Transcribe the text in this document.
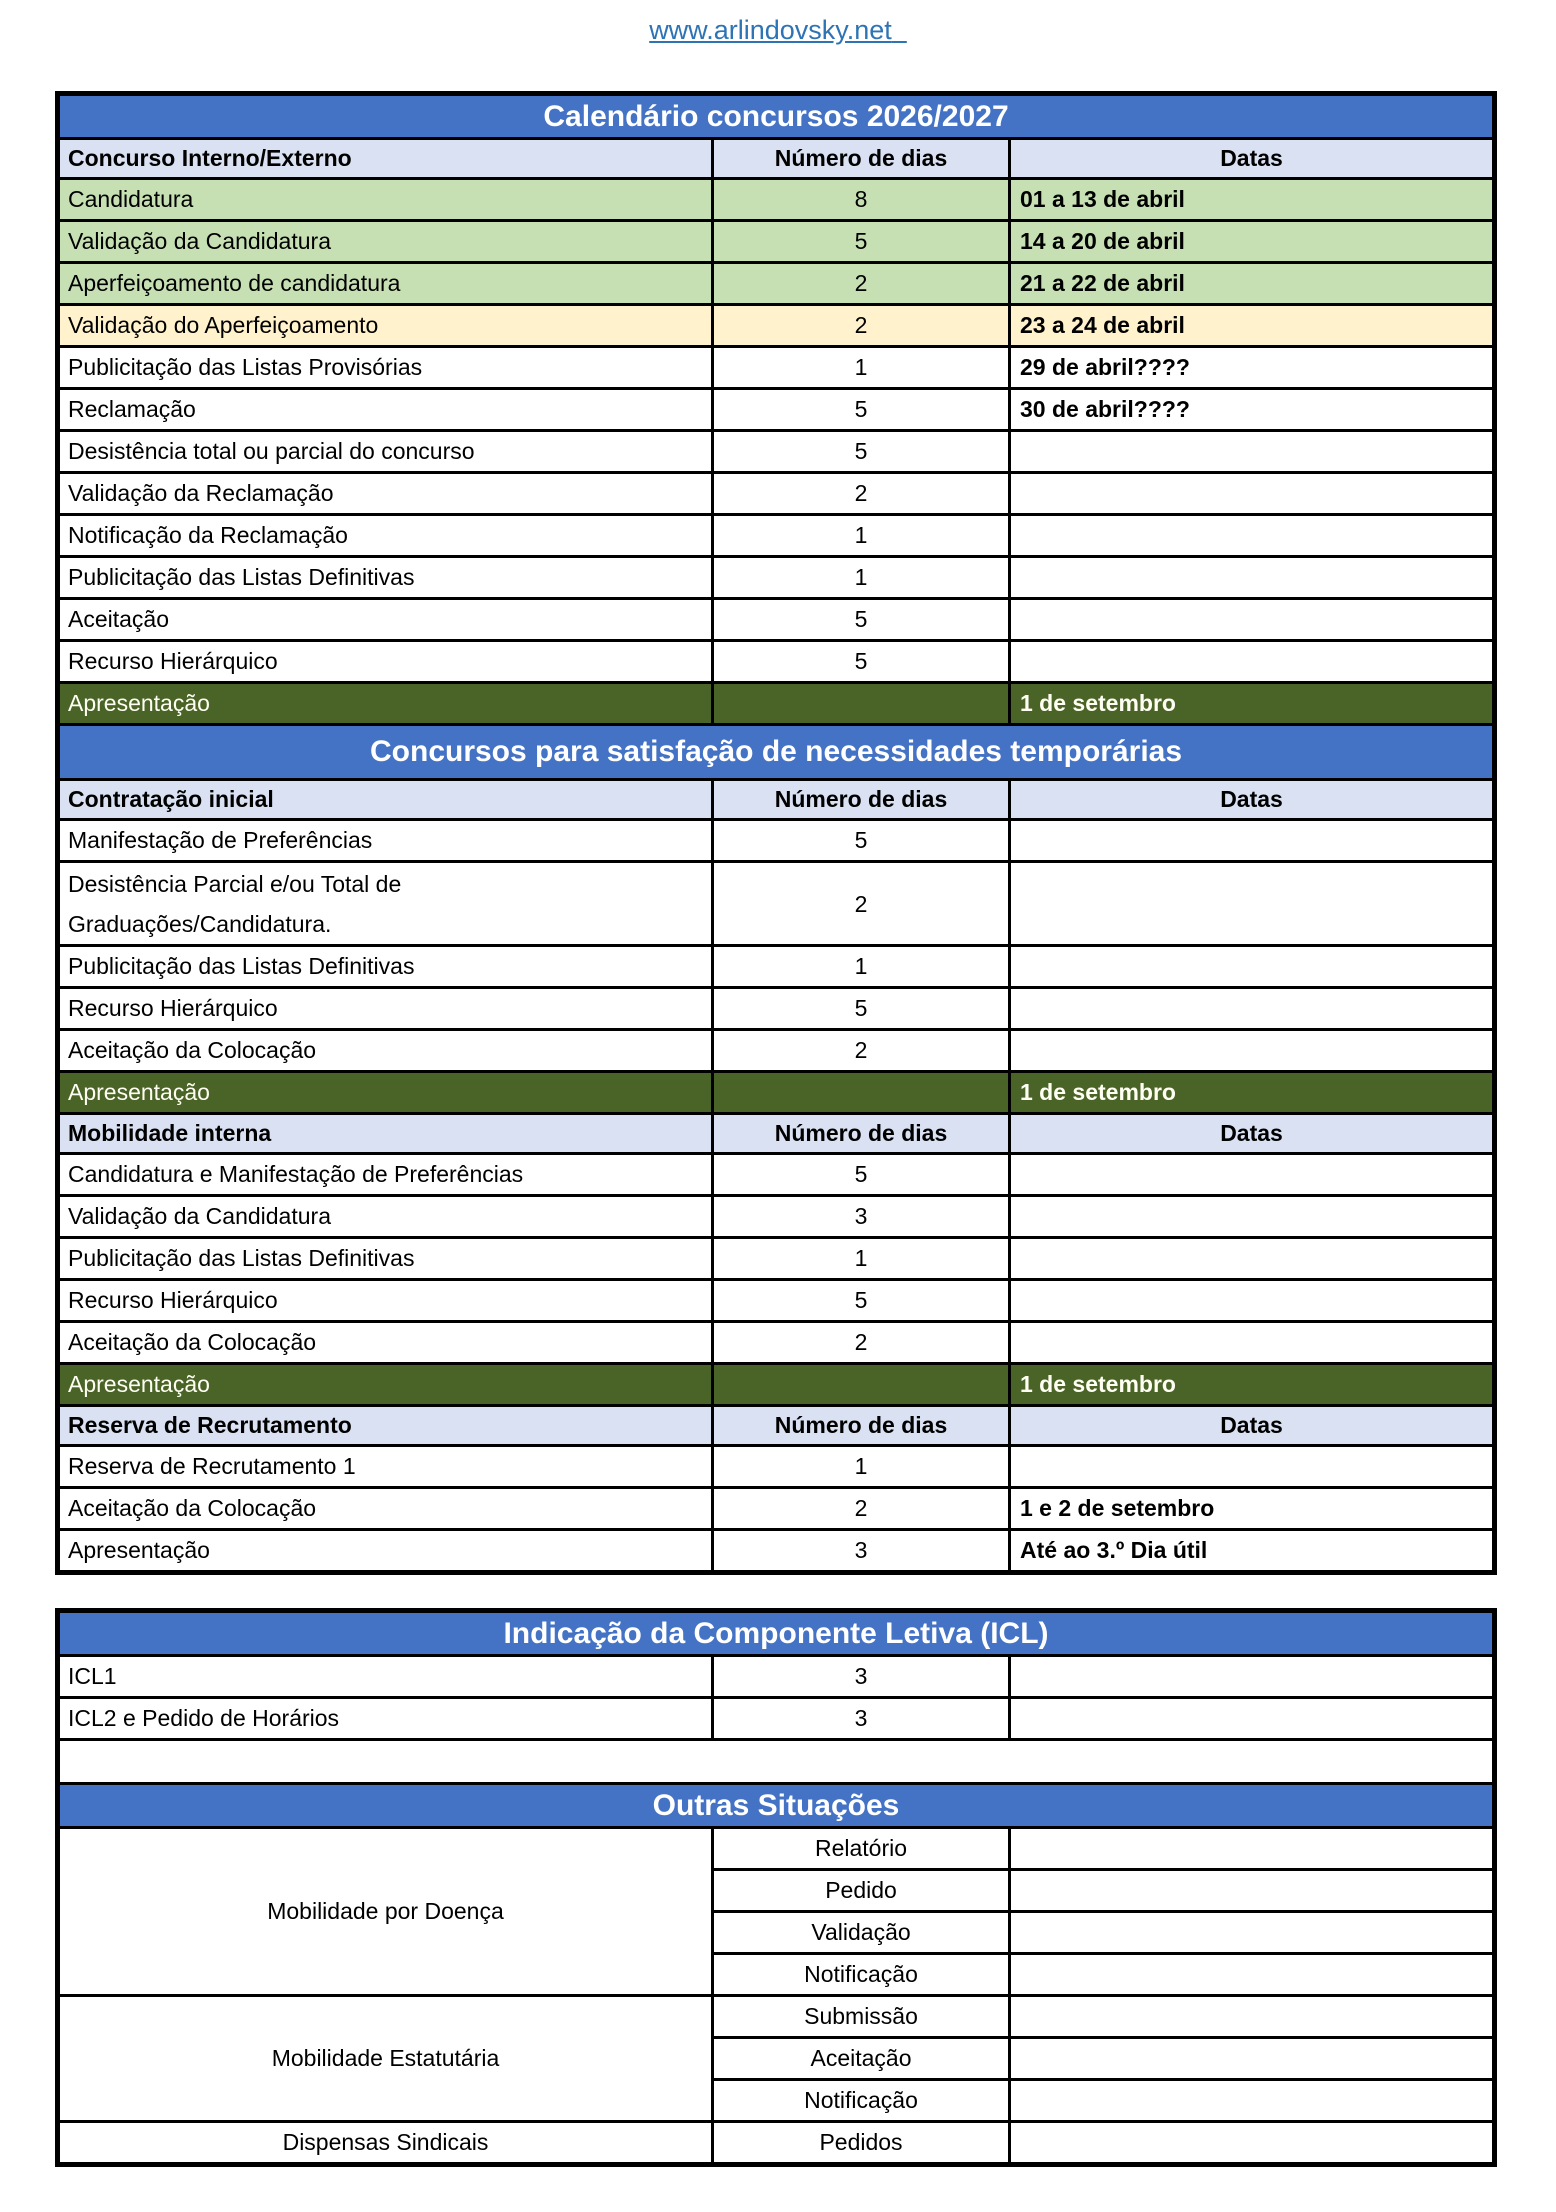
www.arlindovsky.net
Calendário concursos 2026/2027		
Concurso Interno/Externo	Número de dias	Datas
Candidatura	8	01 a 13 de abril
Validação da Candidatura	5	14 a 20 de abril
Aperfeiçoamento de candidatura	2	21 a 22 de abril
Validação do Aperfeiçoamento	2	23 a 24 de abril
Publicitação das Listas Provisórias	1	29 de abril????
Reclamação	5	30 de abril????
Desistência total ou parcial do concurso	5	
Validação da Reclamação	2	
Notificação da Reclamação	1	
Publicitação das Listas Definitivas	1	
Aceitação	5	
Recurso Hierárquico	5	
Apresentação		1 de setembro
Concursos para satisfação de necessidades temporárias		
Contratação inicial	Número de dias	Datas
Manifestação de Preferências	5	
Desistência Parcial e/ou Total de
Graduações/Candidatura.	2	
Publicitação das Listas Definitivas	1	
Recurso Hierárquico	5	
Aceitação da Colocação	2	
Apresentação		1 de setembro
Mobilidade interna	Número de dias	Datas
Candidatura e Manifestação de Preferências	5	
Validação da Candidatura	3	
Publicitação das Listas Definitivas	1	
Recurso Hierárquico	5	
Aceitação da Colocação	2	
Apresentação		1 de setembro
Reserva de Recrutamento	Número de dias	Datas
Reserva de Recrutamento 1	1	
Aceitação da Colocação	2	1 e 2 de setembro
Apresentação	3	Até ao 3.º Dia útil
Indicação da Componente Letiva (ICL)		
ICL1	3	
ICL2 e Pedido de Horários	3	

Outras Situações		
Mobilidade por Doença	Relatório	
	Pedido	
	Validação	
	Notificação	
Mobilidade Estatutária	Submissão	
	Aceitação	
	Notificação	
Dispensas Sindicais	Pedidos	
